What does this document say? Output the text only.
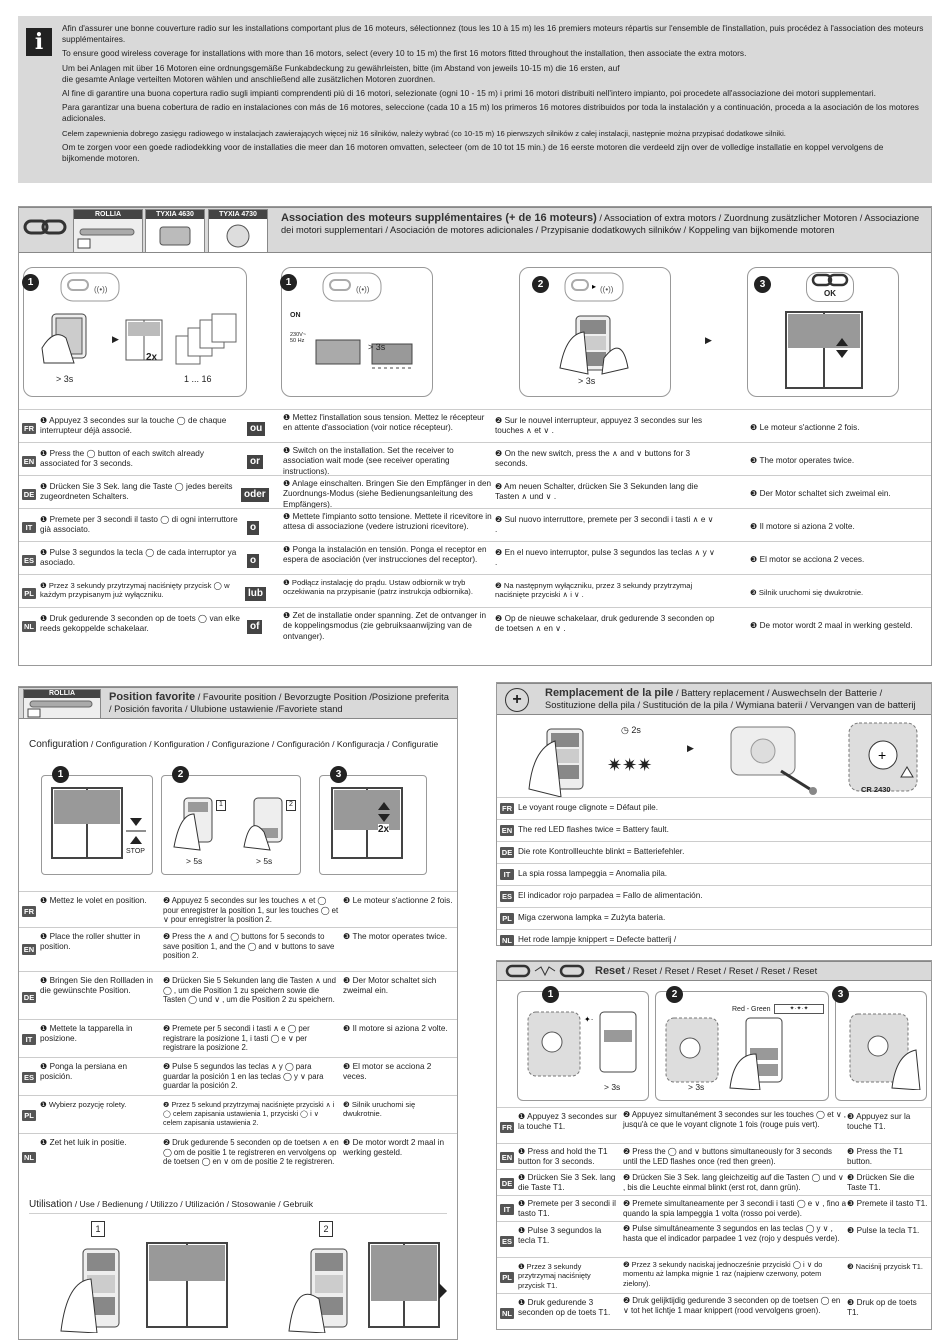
i

Afin d'assurer une bonne couverture radio sur les installations comportant plus de 16 moteurs, sélectionnez (tous les 10 à 15 m) les 16 premiers moteurs répartis sur l'ensemble de l'installation, puis procédez à l'association des moteurs supplémentaires.

To ensure good wireless coverage for installations with more than 16 motors, select (every 10 to 15 m) the first 16 motors fitted throughout the installation, then associate the extra motors.

Um bei Anlagen mit über 16 Motoren eine ordnungsgemäße Funkabdeckung zu gewährleisten, bitte (im Abstand von jeweils 10-15 m) die 16 ersten, auf die gesamte Anlage verteilten Motoren wählen und anschließend alle zusätzlichen Motoren zuordnen.

Al fine di garantire una buona copertura radio sugli impianti comprendenti più di 16 motori, selezionate (ogni 10 - 15 m) i primi 16 motori distribuiti nell'intero impianto, poi procedete all'associazione dei motori supplementari.

Para garantizar una buena cobertura de radio en instalaciones con más de 16 motores, seleccione (cada 10 a 15 m) los primeros 16 motores distribuidos por toda la instalación y a continuación, proceda a la asociación de los motores adicionales.

Celem zapewnienia dobrego zasięgu radiowego w instalacjach zawierających więcej niż 16 silników, należy wybrać (co 10-15 m) 16 pierwszych silników z całej instalacji, następnie można przypisać dodatkowe silniki.

Om te zorgen voor een goede radiodekking voor de installaties die meer dan 16 motoren omvatten, selecteer (om de 10 tot 15 min.) de 16 eerste motoren die verdeeld zijn over de volledige installatie en koppel vervolgens de bijkomende motoren.

ROLLIA	TYXIA 4630	TYXIA 4730	Association des moteurs supplémentaires (+ de 16 moteurs) / Association of extra motors / Zuordnung zusätzlicher Motoren / Associazione dei motori supplementari / Asociación de motores adicionales / Przypisanie dodatkowych silników / Koppeling van bijkomende motoren
1
((•))
> 3s
▶
2x
1 ... 16
1
((•))
ON
230V~ 50 Hz
> 3s
2	▸ ((•))
> 3s
▶
3
OK
FR
❶ Appuyez 3 secondes sur la touche ◯ de chaque interrupteur déjà associé.	ou
❶ Mettez l'installation sous tension. Mettez le récepteur en attente d'association (voir notice récepteur).
❷ Sur le nouvel interrupteur, appuyez 3 secondes sur les touches ∧ et ∨ .	❸ Le moteur s'actionne 2 fois.
EN
❶ Press the ◯ button of each switch already associated for 3 seconds.	or
❶ Switch on the installation. Set the receiver to association wait mode (see receiver operating instructions).
❷ On the new switch, press the ∧ and ∨ buttons for 3 seconds.	❸ The motor operates twice.
DE
❶ Drücken Sie 3 Sek. lang die Taste ◯ jedes bereits zugeordneten Schalters.	oder
❶ Anlage einschalten. Bringen Sie den Empfänger in den Zuordnungs-Modus (siehe Bedienungsanleitung des Empfängers).
❷ Am neuen Schalter, drücken Sie 3 Sekunden lang die Tasten ∧ und ∨ .	❸ Der Motor schaltet sich zweimal ein.
IT
❶ Premete per 3 secondi il tasto ◯ di ogni interruttore già associato.	o
❶ Mettete l'impianto sotto tensione. Mettete il ricevitore in attesa di associazione (vedere istruzioni ricevitore).
❷ Sul nuovo interruttore, premete per 3 secondi i tasti ∧ e ∨ .	❸ Il motore si aziona 2 volte.
ES
❶ Pulse 3 segundos la tecla ◯ de cada interruptor ya asociado.	o
❶ Ponga la instalación en tensión. Ponga el receptor en espera de asociación (ver instrucciones del receptor).
❷ En el nuevo interruptor, pulse 3 segundos las teclas ∧ y ∨ .	❸ El motor se acciona 2 veces.
PL
❶ Przez 3 sekundy przytrzymaj naciśnięty przycisk ◯ w każdym przypisanym już wyłączniku.	lub
❶ Podłącz instalację do prądu. Ustaw odbiornik w tryb oczekiwania na przypisanie (patrz instrukcja odbiornika).
❷ Na następnym wyłączniku, przez 3 sekundy przytrzymaj naciśnięte przyciski ∧ i ∨ .	❸ Silnik uruchomi się dwukrotnie.
NL
❶ Druk gedurende 3 seconden op de toets ◯ van elke reeds gekoppelde schakelaar.	of
❶ Zet de installatie onder spanning. Zet de ontvanger in de koppelingsmodus (zie gebruiksaanwijzing van de ontvanger).
❷ Op de nieuwe schakelaar, druk gedurende 3 seconden op de toetsen ∧ en ∨ .	❸ De motor wordt 2 maal in werking gesteld.
ROLLIA	Position favorite / Favourite position / Bevorzugte Position /Posizione preferita / Posición favorita / Ulubione ustawienie /Favoriete stand
Configuration / Configuration / Konfiguration / Configurazione / Configuración / Konfiguracja / Configuratie
1
STOP
2
1	2
> 5s	> 5s
3
2x
FR
❶ Mettez le volet en position.	❷ Appuyez 5 secondes sur les touches ∧ et ◯ pour enregistrer la position 1, sur les touches ◯ et ∨ pour enregistrer la position 2.
❸ Le moteur s'actionne 2 fois.
EN
❶ Place the roller shutter in position.
❷ Press the ∧ and ◯ buttons for 5 seconds to save position 1, and the ◯ and ∨ buttons to save position 2.
❸ The motor operates twice.
DE
❶ Bringen Sie den Rollladen in die gewünschte Position.
❷ Drücken Sie 5 Sekunden lang die Tasten ∧ und ◯ , um die Position 1 zu speichern sowie die Tasten ◯ und ∨ , um die Position 2 zu speichern.
❸ Der Motor schaltet sich zweimal ein.
IT
❶ Mettete la tapparella in posizione.
❷ Premete per 5 secondi i tasti ∧ e ◯ per registrare la posizione 1, i tasti ◯ e ∨ per registrare la posizione 2.
❸ Il motore si aziona 2 volte.
ES
❶ Ponga la persiana en posición.
❷ Pulse 5 segundos las teclas ∧ y ◯ para guardar la posición 1 en las teclas ◯ y ∨ para guardar la posición 2.
❸ El motor se acciona 2 veces.
PL
❶ Wybierz pozycję rolety.	❷ Przez 5 sekund przytrzymaj naciśnięte przyciski ∧ i ◯ celem zapisania ustawienia 1, przyciski ◯ i ∨ celem zapisania ustawienia 2.
❸ Silnik uruchomi się dwukrotnie.
NL
❶ Zet het luik in positie.	❷ Druk gedurende 5 seconden op de toetsen ∧ en ◯ om de positie 1 te registreren en vervolgens op de toetsen ◯ en ∨ om de positie 2 te registreren.
❸ De motor wordt 2 maal in werking gesteld.
Utilisation / Use / Bedienung / Utilizzo / Utilización / Stosowanie / Gebruik
1	2
+	Remplacement de la pile / Battery replacement / Auswechseln der Batterie / Sostituzione della pila / Sustitución de la pila / Wymiana baterii / Vervangen van de batterij
✷✷✷
◷ 2s
▶	+
CR 2430
FR Le voyant rouge clignote = Défaut pile.
EN The red LED flashes twice = Battery fault.
DE Die rote Kontrollleuchte blinkt = Batteriefehler.
IT La spia rossa lampeggia = Anomalia pila.
ES El indicador rojo parpadea = Fallo de alimentación.
PL Miga czerwona lampka = Zużyta bateria.
NL Het rode lampje knippert = Defecte batterij /
Reset / Reset / Reset / Reset / Reset / Reset / Reset
1
✦·
> 3s
2
Red - Green	✦·✦·✦
> 3s
3
FR
❶ Appuyez 3 secondes sur la touche T1.
❷ Appuyez simultanément 3 secondes sur les touches ◯ et ∨ , jusqu'à ce que le voyant clignote 1 fois (rouge puis vert).
❸ Appuyez sur la touche T1.
EN
❶ Press and hold the T1 button for 3 seconds.
❷ Press the ◯ and ∨ buttons simultaneously for 3 seconds until the LED flashes once (red then green).
❸ Press the T1 button.
DE
❶ Drücken Sie 3 Sek. lang die Taste T1.
❷ Drücken Sie 3 Sek. lang gleichzeitig auf die Tasten ◯ und ∨ , bis die Leuchte einmal blinkt (erst rot, dann grün).
❸ Drücken Sie die Taste T1.
IT
❶ Premete per 3 secondi il tasto T1.
❷ Premete simultaneamente per 3 secondi i tasti ◯ e ∨ , fino a quando la spia lampeggia 1 volta (rosso poi verde).
❸ Premete il tasto T1.
ES
❶ Pulse 3 segundos la tecla T1.
❷ Pulse simultáneamente 3 segundos en las teclas ◯ y ∨ , hasta que el indicador parpadee 1 vez (rojo y después verde).
❸ Pulse la tecla T1.
PL
❶ Przez 3 sekundy przytrzymaj naciśnięty przycisk T1.
❷ Przez 3 sekundy naciskaj jednocześnie przyciski ◯ i ∨ do momentu aż lampka mignie 1 raz (najpierw czerwony, potem zielony).
❸ Naciśnij przycisk T1.
NL
❶ Druk gedurende 3 seconden op de toets T1.
❷ Druk gelijktijdig gedurende 3 seconden op de toetsen ◯ en ∨ tot het lichtje 1 maar knippert (rood vervolgens groen).
❸ Druk op de toets T1.
